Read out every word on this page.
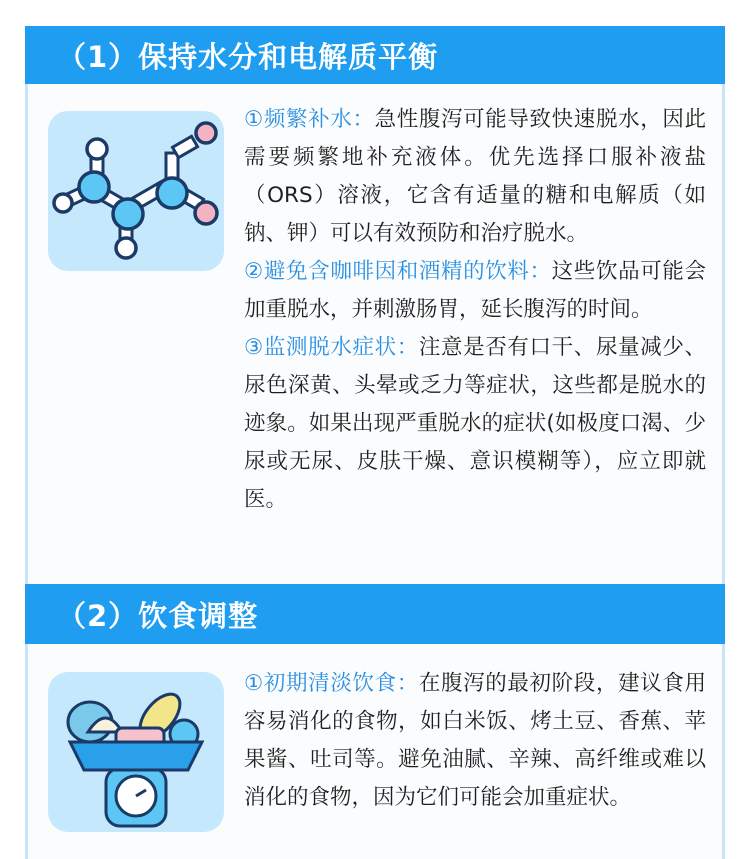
（1）保持水分和电解质平衡

①频繁补水：急性腹泻可能导致快速脱水，因此需要频繁地补充液体。优先选择口服补液盐（ORS）溶液，它含有适量的糖和电解质（如钠、钾）可以有效预防和治疗脱水。

②避免含咖啡因和酒精的饮料：这些饮品可能会加重脱水，并刺激肠胃，延长腹泻的时间。

③监测脱水症状：注意是否有口干、尿量减少、尿色深黄、头晕或乏力等症状，这些都是脱水的迹象。如果出现严重脱水的症状(如极度口渴、少尿或无尿、皮肤干燥、意识模糊等），应立即就医。

（2）饮食调整

①初期清淡饮食：在腹泻的最初阶段，建议食用容易消化的食物，如白米饭、烤土豆、香蕉、苹果酱、吐司等。避免油腻、辛辣、高纤维或难以消化的食物，因为它们可能会加重症状。
